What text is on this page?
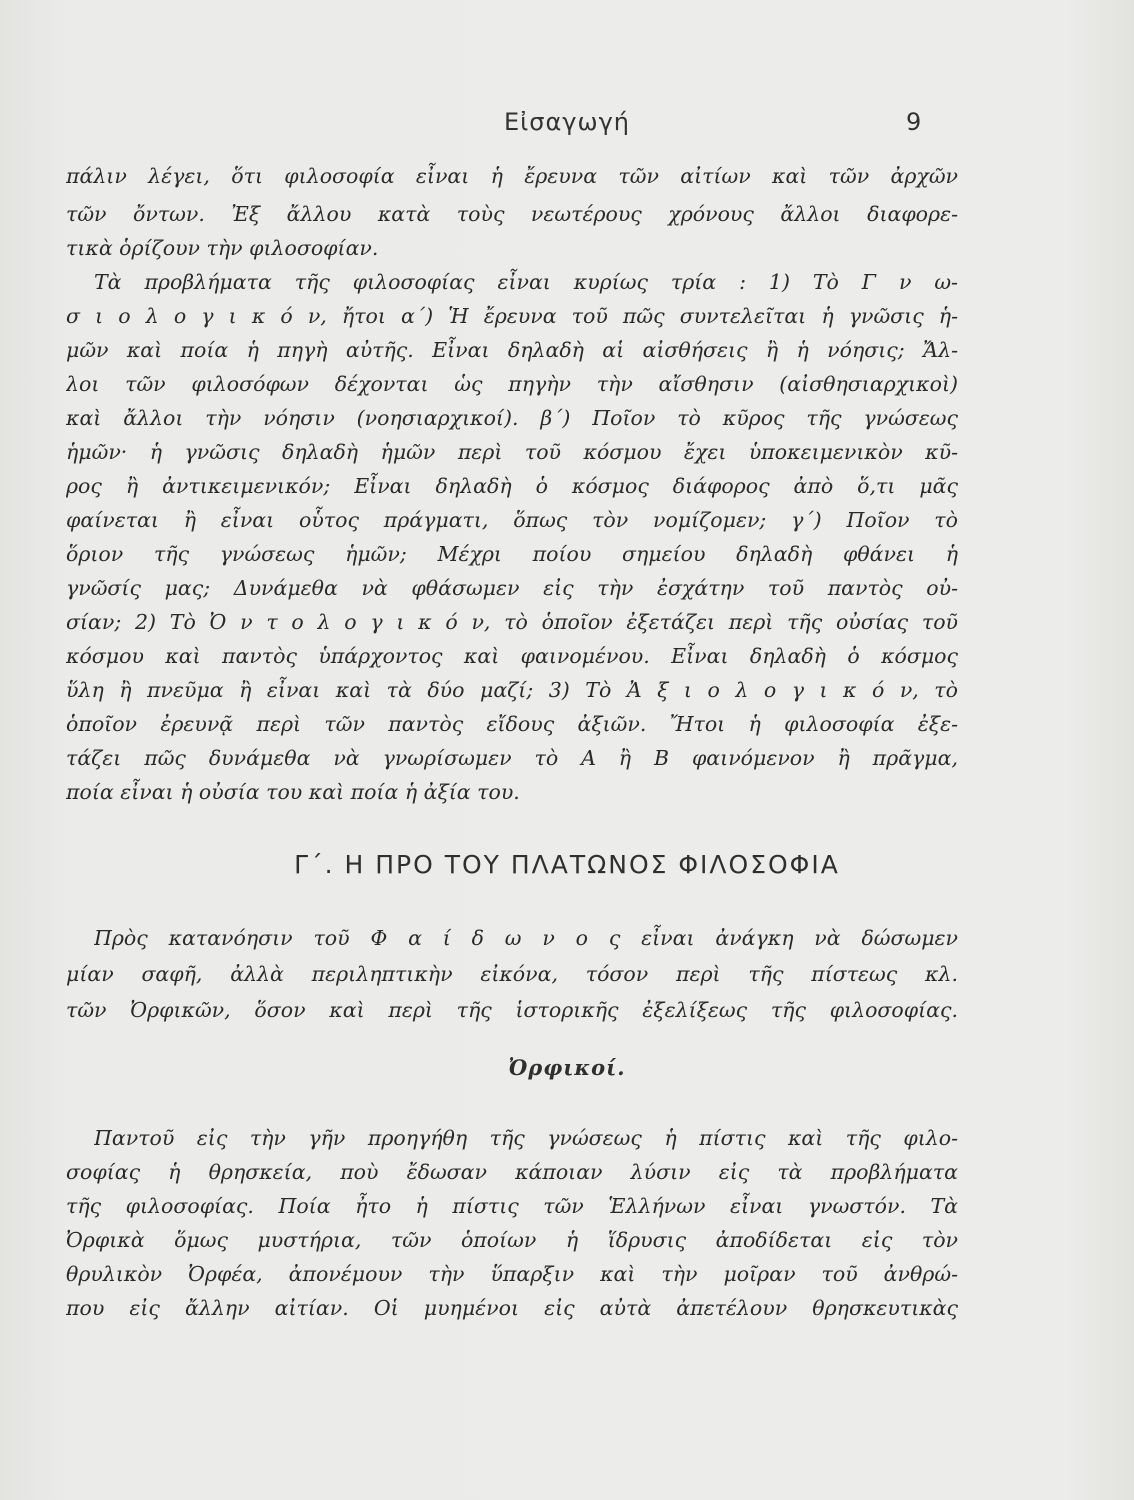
Εἰσαγωγή	9
πάλιν λέγει, ὅτι φιλοσοφία εἶναι ἡ ἔρευνα τῶν αἰτίων καὶ τῶν ἀρχῶν
τῶν ὄντων. Ἐξ ἄλλου κατὰ τοὺς νεωτέρους χρόνους ἄλλοι διαφορε-
τικὰ ὁρίζουν τὴν φιλοσοφίαν.
Τὰ προβλήματα τῆς φιλοσοφίας εἶναι κυρίως τρία : 1) Τὸ Γ ν ω-
σ ι ο λ ο γ ι κ ό ν, ἤτοι α΄) Ἡ ἔρευνα τοῦ πῶς συντελεῖται ἡ γνῶσις ἡ-
μῶν καὶ ποία ἡ πηγὴ αὐτῆς. Εἶναι δηλαδὴ αἱ αἰσθήσεις ἢ ἡ νόησις; Ἄλ-
λοι τῶν φιλοσόφων δέχονται ὡς πηγὴν τὴν αἴσθησιν (αἰσθησιαρχικοὶ)
καὶ ἄλλοι τὴν νόησιν (νοησιαρχικοί). β΄) Ποῖον τὸ κῦρος τῆς γνώσεως
ἡμῶν· ἡ γνῶσις δηλαδὴ ἡμῶν περὶ τοῦ κόσμου ἔχει ὑποκειμενικὸν κῦ-
ρος ἢ ἀντικειμενικόν; Εἶναι δηλαδὴ ὁ κόσμος διάφορος ἀπὸ ὅ,τι μᾶς
φαίνεται ἢ εἶναι οὗτος πράγματι, ὅπως τὸν νομίζομεν; γ΄) Ποῖον τὸ
ὅριον τῆς γνώσεως ἡμῶν; Μέχρι ποίου σημείου δηλαδὴ φθάνει ἡ
γνῶσίς μας; Δυνάμεθα νὰ φθάσωμεν εἰς τὴν ἐσχάτην τοῦ παντὸς οὐ-
σίαν; 2) Τὸ Ὀ ν τ ο λ ο γ ι κ ό ν, τὸ ὁποῖον ἐξετάζει περὶ τῆς οὐσίας τοῦ
κόσμου καὶ παντὸς ὑπάρχοντος καὶ φαινομένου. Εἶναι δηλαδὴ ὁ κόσμος
ὕλη ἢ πνεῦμα ἢ εἶναι καὶ τὰ δύο μαζί; 3) Τὸ Ἀ ξ ι ο λ ο γ ι κ ό ν, τὸ
ὁποῖον ἐρευνᾷ περὶ τῶν παντὸς εἴδους ἀξιῶν. Ἤτοι ἡ φιλοσοφία ἐξε-
τάζει πῶς δυνάμεθα νὰ γνωρίσωμεν τὸ Α ἢ Β φαινόμενον ἢ πρᾶγμα,
ποία εἶναι ἡ οὐσία του καὶ ποία ἡ ἀξία του.
Γ΄. Η ΠΡΟ ΤΟΥ ΠΛΑΤΩΝΟΣ ΦΙΛΟΣΟΦΙΑ
Πρὸς κατανόησιν τοῦ Φ α ί δ ω ν ο ς εἶναι ἀνάγκη νὰ δώσωμεν
μίαν σαφῆ, ἀλλὰ περιληπτικὴν εἰκόνα, τόσον περὶ τῆς πίστεως κλ.
τῶν Ὀρφικῶν, ὅσον καὶ περὶ τῆς ἱστορικῆς ἐξελίξεως τῆς φιλοσοφίας.
Ὀρφικοί.
Παντοῦ εἰς τὴν γῆν προηγήθη τῆς γνώσεως ἡ πίστις καὶ τῆς φιλο-
σοφίας ἡ θρησκεία, ποὺ ἔδωσαν κάποιαν λύσιν εἰς τὰ προβλήματα
τῆς φιλοσοφίας. Ποία ἦτο ἡ πίστις τῶν Ἑλλήνων εἶναι γνωστόν. Τὰ
Ὀρφικὰ ὅμως μυστήρια, τῶν ὁποίων ἡ ἵδρυσις ἀποδίδεται εἰς τὸν
θρυλικὸν Ὀρφέα, ἀπονέμουν τὴν ὕπαρξιν καὶ τὴν μοῖραν τοῦ ἀνθρώ-
που εἰς ἄλλην αἰτίαν. Οἱ μυημένοι εἰς αὐτὰ ἀπετέλουν θρησκευτικὰς
